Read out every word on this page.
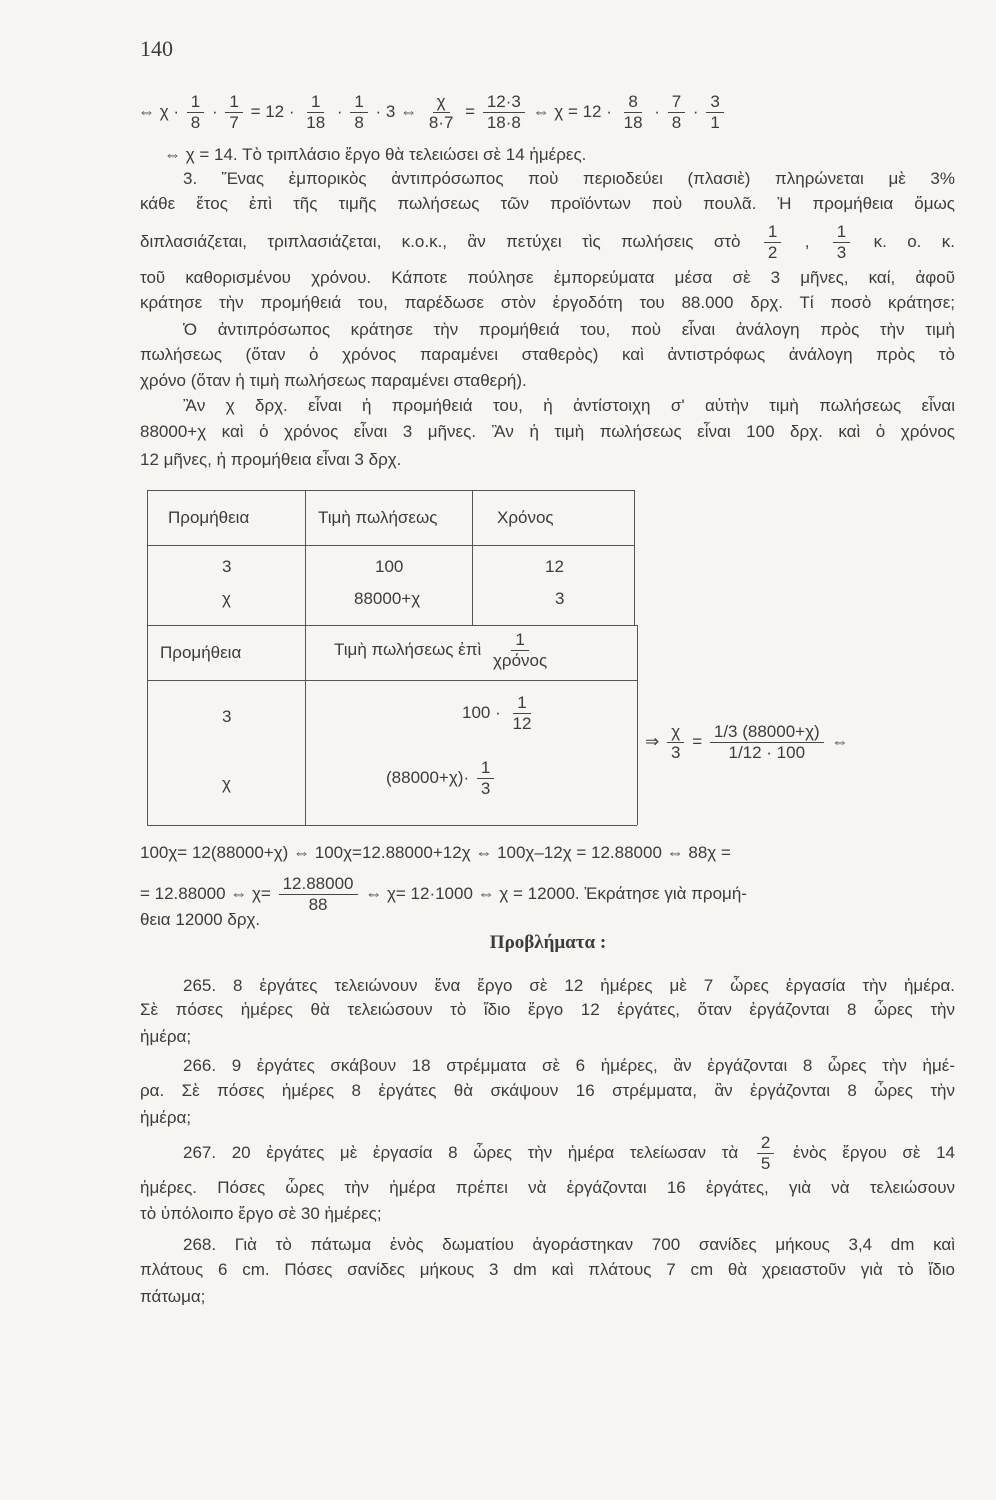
140
⇔ $\chi \cdot \frac{1}{8} \cdot \frac{1}{7} = 12 \cdot \frac{1}{18} \cdot \frac{1}{8} \cdot 3$ ⇔ $\frac{\chi}{8\cdot 7} = \frac{12\cdot 3}{18\cdot 8}$ ⇔ $\chi = 12 \cdot \frac{8}{18} \cdot \frac{7}{8} \cdot \frac{3}{1}$
⇔ χ = 14. Τὸ τριπλάσιο ἔργο θὰ τελειώσει σὲ 14 ἡμέρες.
3. Ἕνας ἐμπορικὸς ἀντιπρόσωπος ποὺ περιοδεύει (πλασιὲ) πληρώνεται μὲ 3%
κάθε ἔτος ἐπὶ τῆς τιμῆς πωλήσεως τῶν προϊόντων ποὺ πουλᾶ. Ἡ προμήθεια ὅμως
διπλασιάζεται, τριπλασιάζεται, κ.ο.κ., ἂν πετύχει τὶς πωλήσεις στὸ $\frac{1}{2}$ , $\frac{1}{3} \kappa$. ο. κ.
τοῦ καθορισμένου χρόνου. Κάποτε πούλησε ἐμπορεύματα μέσα σὲ 3 μῆνες, καί, ἀφοῦ
κράτησε τὴν προμήθειά του, παρέδωσε στὸν ἐργοδότη του 88.000 δρχ. Τί ποσὸ κράτησε;
Ὁ ἀντιπρόσωπος κράτησε τὴν προμήθειά του, ποὺ εἶναι ἀνάλογη πρὸς τὴν τιμὴ
πωλήσεως (ὅταν ὁ χρόνος παραμένει σταθερὸς) καὶ ἀντιστρόφως ἀνάλογη πρὸς τὸ
χρόνο (ὅταν ἡ τιμὴ πωλήσεως παραμένει σταθερή).
Ἂν χ δρχ. εἶναι ἡ προμήθειά του, ἡ ἀντίστοιχη σ' αὐτὴν τιμὴ πωλήσεως εἶναι
88000+χ καὶ ὁ χρόνος εἶναι 3 μῆνες. Ἂν ἡ τιμὴ πωλήσεως εἶναι 100 δρχ. καὶ ὁ χρόνος
12 μῆνες, ἡ προμήθεια εἶναι 3 δρχ.
Προμήθεια	Τιμὴ πωλήσεως	Χρόνος
3	100	12
χ	88000+χ	3
Προμήθεια	Τιμὴ πωλήσεως ἐπὶ $\frac{1}{\text{χρόνος}}$
3	$100 \cdot \frac{1}{12}$
χ	$(88000+\chi)\cdot \frac{1}{3}$
⇒ $\frac{\chi}{3} = \frac{1/3 (88000+\chi)}{1/12 \cdot 100}$ ⇔
100χ= 12(88000+χ) ⇔ 100χ=12.88000+12χ ⇔ 100χ–12χ = 12.88000 ⇔ 88χ =
= 12.88000 ⇔ $\chi= \frac{12.88000}{88}$ ⇔ χ= 12·1000 ⇔ χ = 12000. Ἐκράτησε γιὰ προμή-
θεια 12000 δρχ.
Προβλήματα :
265. 8 ἐργάτες τελειώνουν ἕνα ἔργο σὲ 12 ἡμέρες μὲ 7 ὧρες ἐργασία τὴν ἡμέρα.
Σὲ πόσες ἡμέρες θὰ τελειώσουν τὸ ἴδιο ἔργο 12 ἐργάτες, ὅταν ἐργάζονται 8 ὧρες τὴν
ἡμέρα;
266. 9 ἐργάτες σκάβουν 18 στρέμματα σὲ 6 ἡμέρες, ἂν ἐργάζονται 8 ὧρες τὴν ἡμέ-
ρα. Σὲ πόσες ἡμέρες 8 ἐργάτες θὰ σκάψουν 16 στρέμματα, ἂν ἐργάζονται 8 ὧρες τὴν
ἡμέρα;
267. 20 ἐργάτες μὲ ἐργασία 8 ὧρες τὴν ἡμέρα τελείωσαν τὰ $\frac{2}{5}$ ἑνὸς ἔργου σὲ 14
ἡμέρες. Πόσες ὧρες τὴν ἡμέρα πρέπει νὰ ἐργάζονται 16 ἐργάτες, γιὰ νὰ τελειώσουν
τὸ ὑπόλοιπο ἔργο σὲ 30 ἡμέρες;
268. Γιὰ τὸ πάτωμα ἑνὸς δωματίου ἀγοράστηκαν 700 σανίδες μήκους 3,4 dm καὶ
πλάτους 6 cm. Πόσες σανίδες μήκους 3 dm καὶ πλάτους 7 cm θὰ χρειαστοῦν γιὰ τὸ ἴδιο
πάτωμα;
